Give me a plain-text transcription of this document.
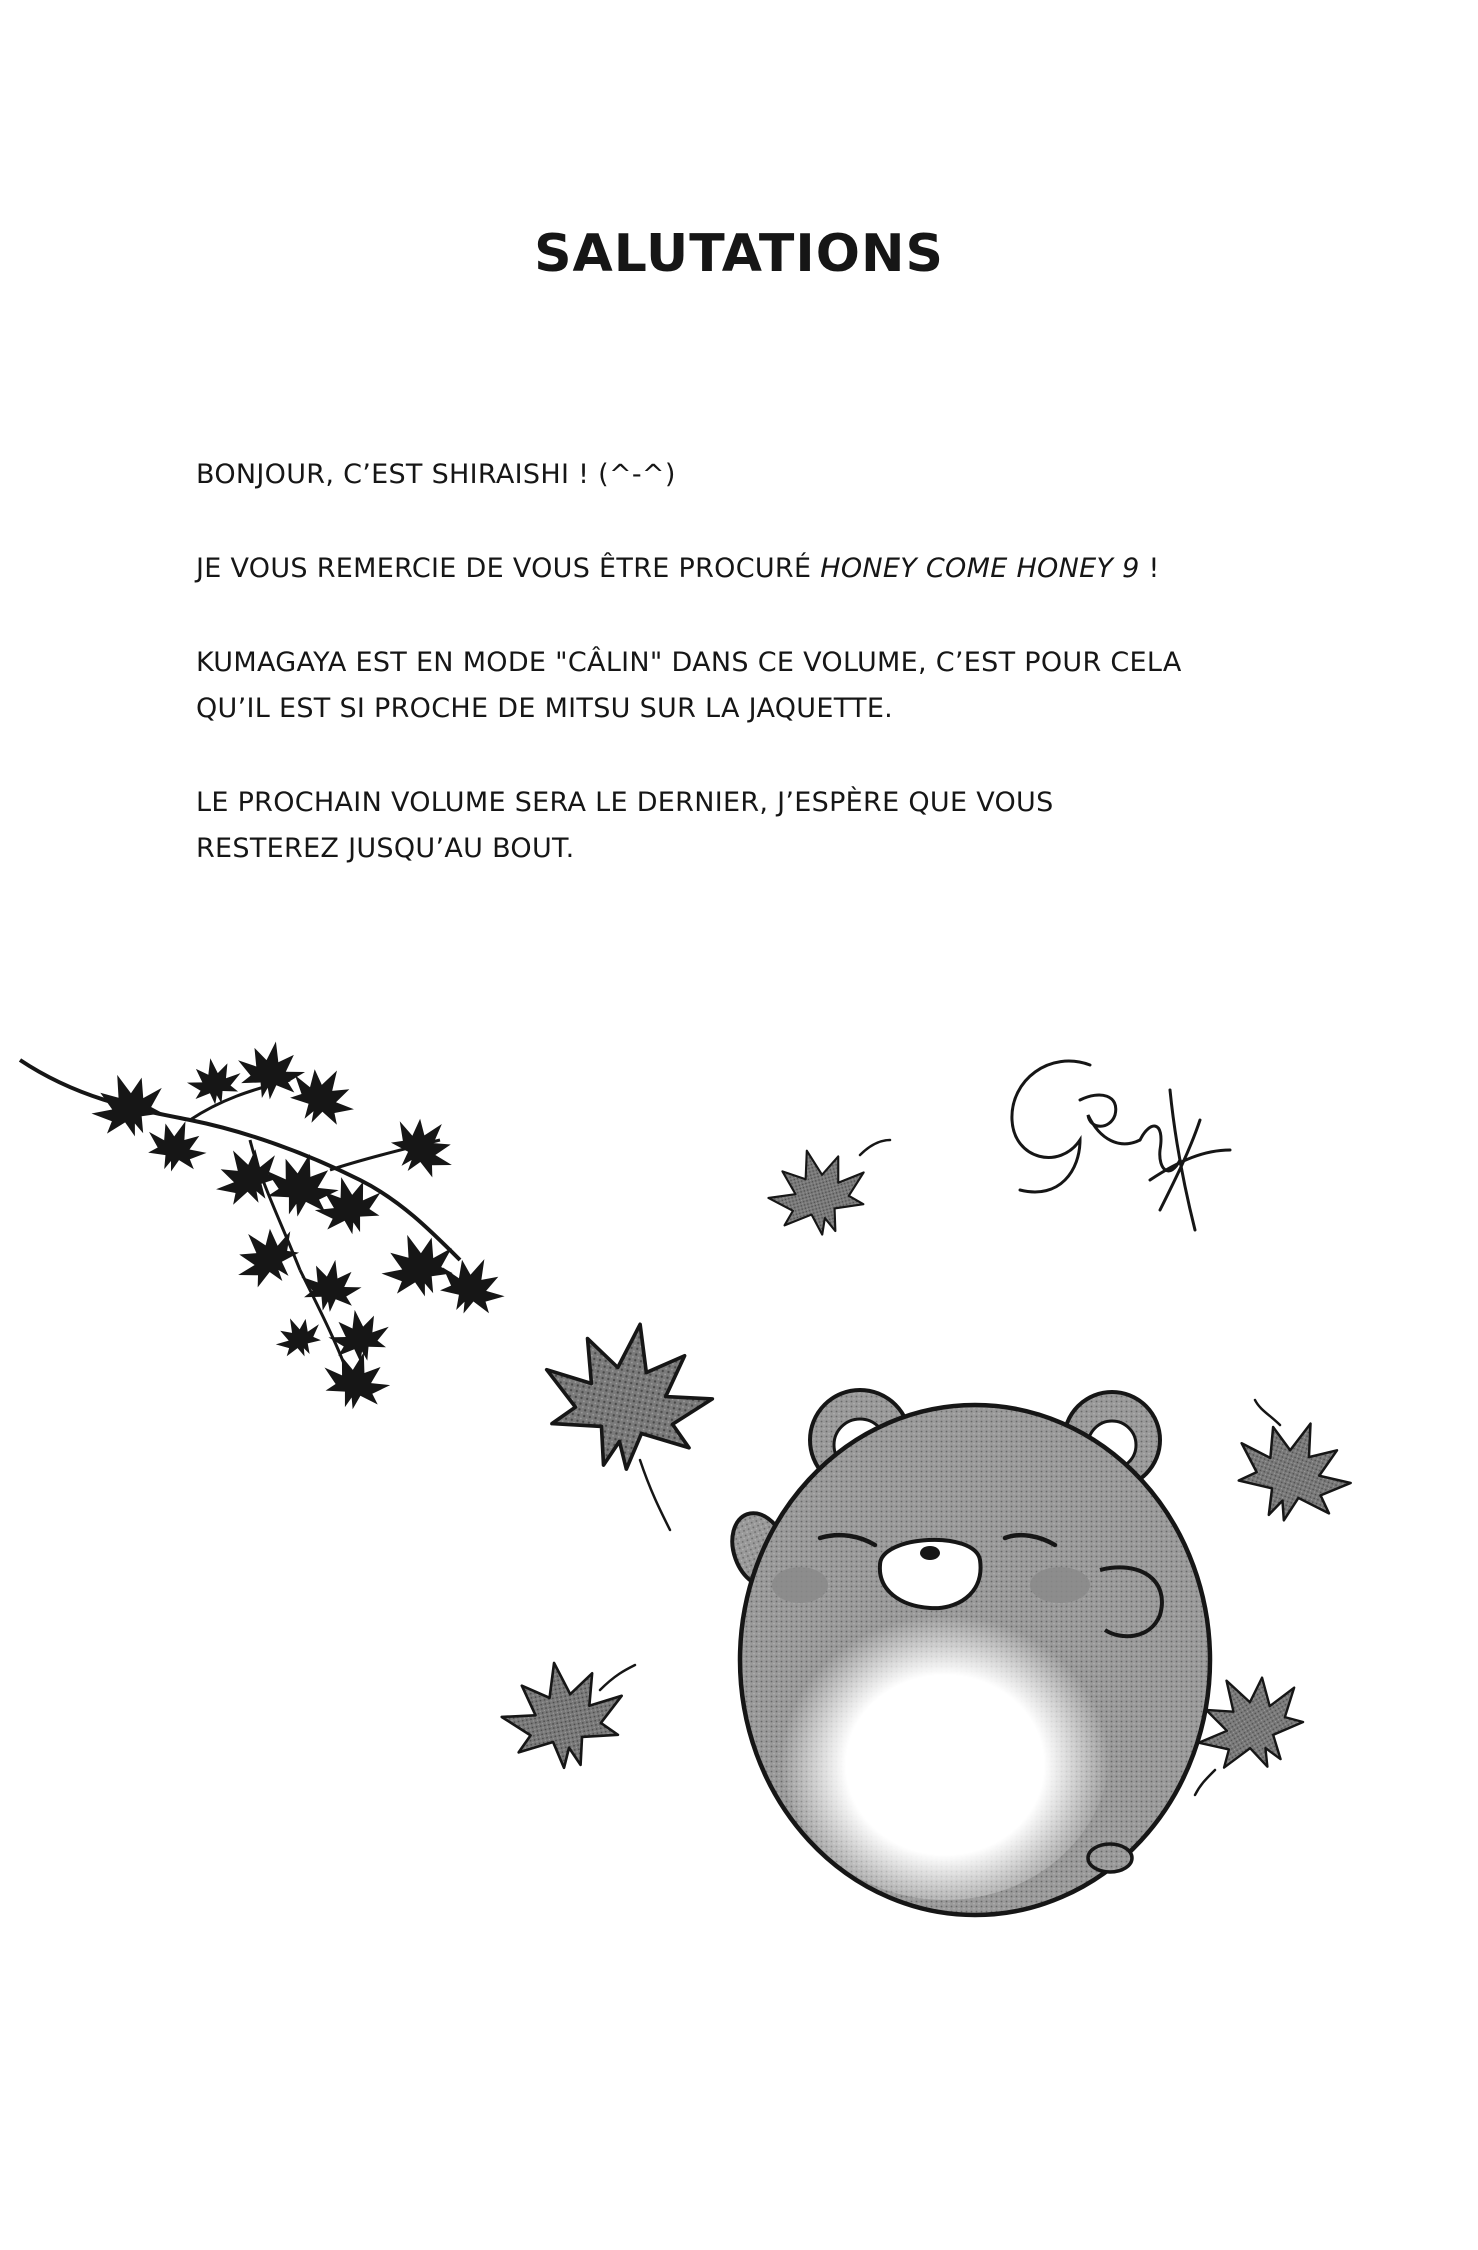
SALUTATIONS

BONJOUR, C’EST SHIRAISHI ! (^-^)

JE VOUS REMERCIE DE VOUS ÊTRE PROCURÉ HONEY COME HONEY 9 !

KUMAGAYA EST EN MODE "CÂLIN" DANS CE VOLUME, C’EST POUR CELA
QU’IL EST SI PROCHE DE MITSU SUR LA JAQUETTE.

LE PROCHAIN VOLUME SERA LE DERNIER, J’ESPÈRE QUE VOUS
RESTEREZ JUSQU’AU BOUT.
